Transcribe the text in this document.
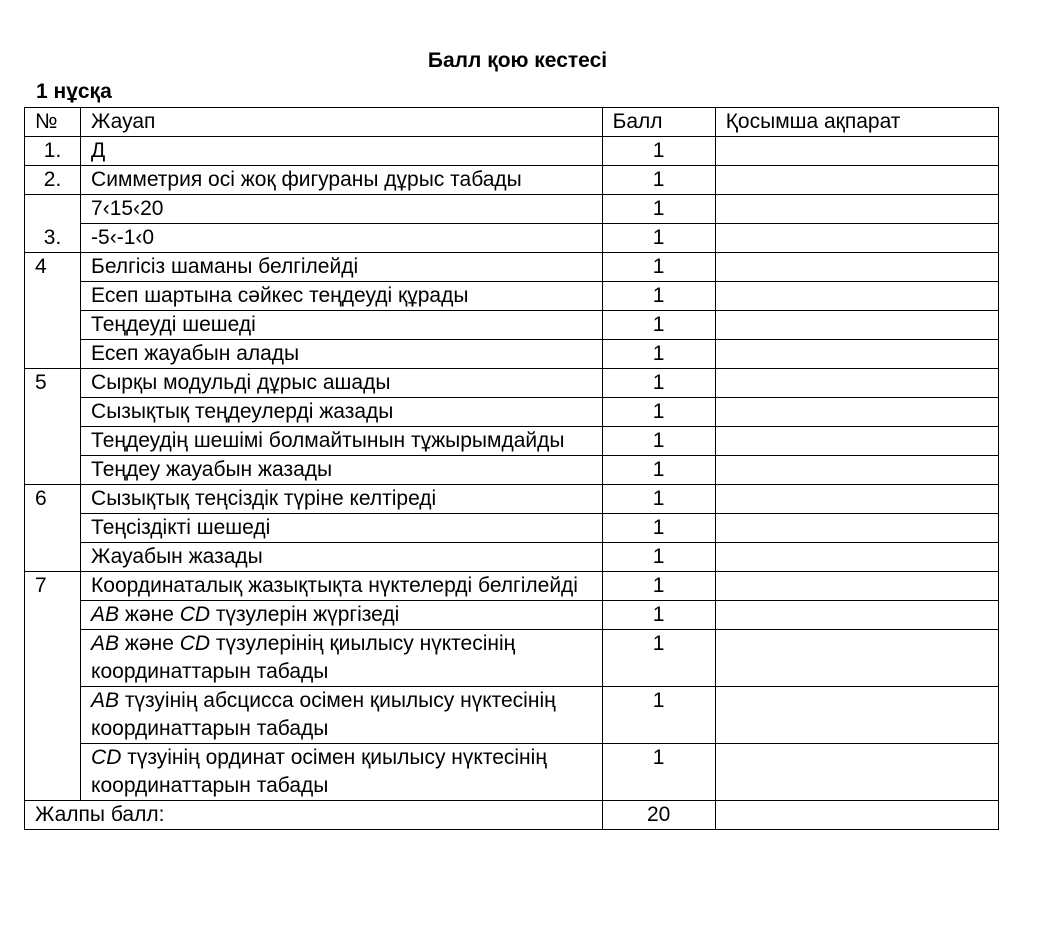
Балл қою кестесі
1 нұсқа
№	Жауап	Балл	Қосымша ақпарат
1.	Д	1	
2.	Симметрия осі жоқ фигураны дұрыс табады	1	
3.	7‹15‹20	1	
	-5‹-1‹0	1	
4	Белгісіз шаманы белгілейді	1	
	Есеп шартына сәйкес теңдеуді құрады	1	
	Теңдеуді шешеді	1	
	Есеп жауабын алады	1	
5	Сырқы модульді дұрыс ашады	1	
	Сызықтық теңдеулерді жазады	1	
	Теңдеудің шешімі болмайтынын тұжырымдайды	1	
	Теңдеу жауабын жазады	1	
6	Сызықтық теңсіздік түріне келтіреді	1	
	Теңсіздікті шешеді	1	
	Жауабын жазады	1	
7	Координаталық жазықтықта нүктелерді белгілейді	1	
	AB және CD түзулерін жүргізеді	1	
	AB және CD түзулерінің қиылысу нүктесінің координаттарын табады	1	
	AB түзуінің абсцисса осімен қиылысу нүктесінің координаттарын табады	1	
	CD түзуінің ординат осімен қиылысу нүктесінің координаттарын табады	1	
Жалпы балл:		20	
